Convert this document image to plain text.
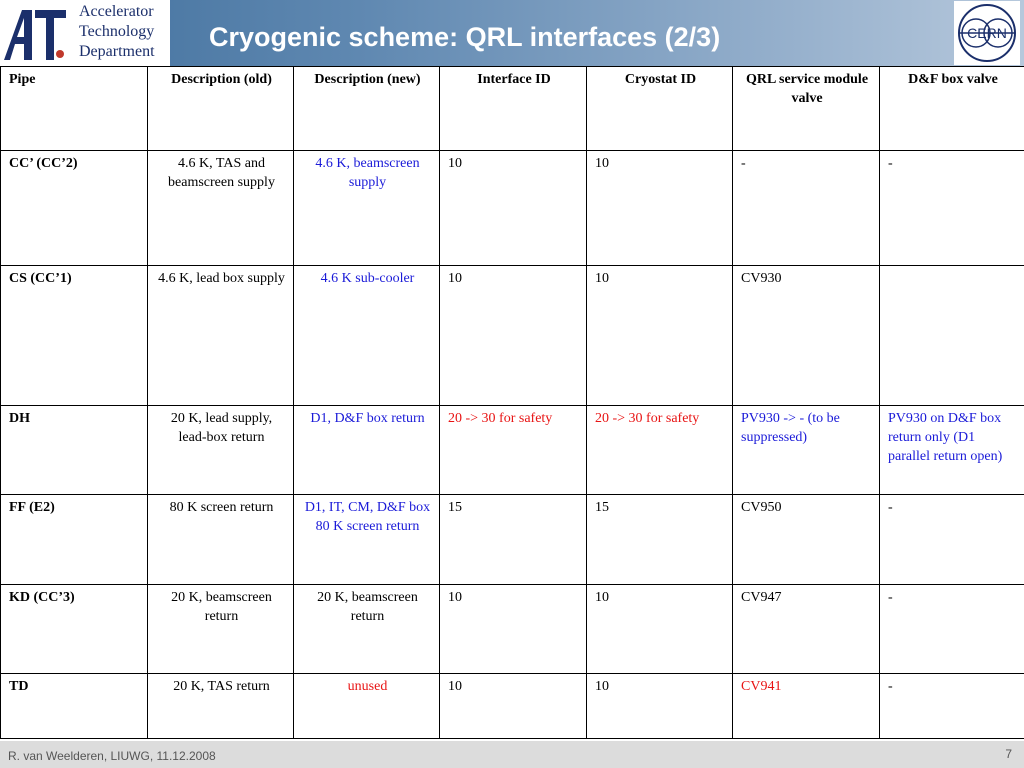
Accelerator
Technology
Department	Cryogenic scheme: QRL interfaces (2/3)	CERN
Pipe	Description (old)	Description (new)	Interface ID	Cryostat ID	QRL service module valve	D&F box valve
CC’ (CC’2)	4.6 K, TAS and beamscreen supply	4.6 K, beamscreen supply	10	10	-	-
CS (CC’1)	4.6 K, lead box supply	4.6 K sub-cooler	10	10	CV930	
DH	20 K, lead supply, lead-box return	D1, D&F box return	20 -> 30 for safety	20 -> 30 for safety	PV930 -> - (to be suppressed)	PV930 on D&F box return only (D1 parallel return open)
FF (E2)	80 K screen return	D1, IT, CM, D&F box 80 K screen return	15	15	CV950	-
KD (CC’3)	20 K, beamscreen return	20 K, beamscreen return	10	10	CV947	-
TD	20 K, TAS return	unused	10	10	CV941	-
R. van Weelderen, LIUWG, 11.12.2008	7
